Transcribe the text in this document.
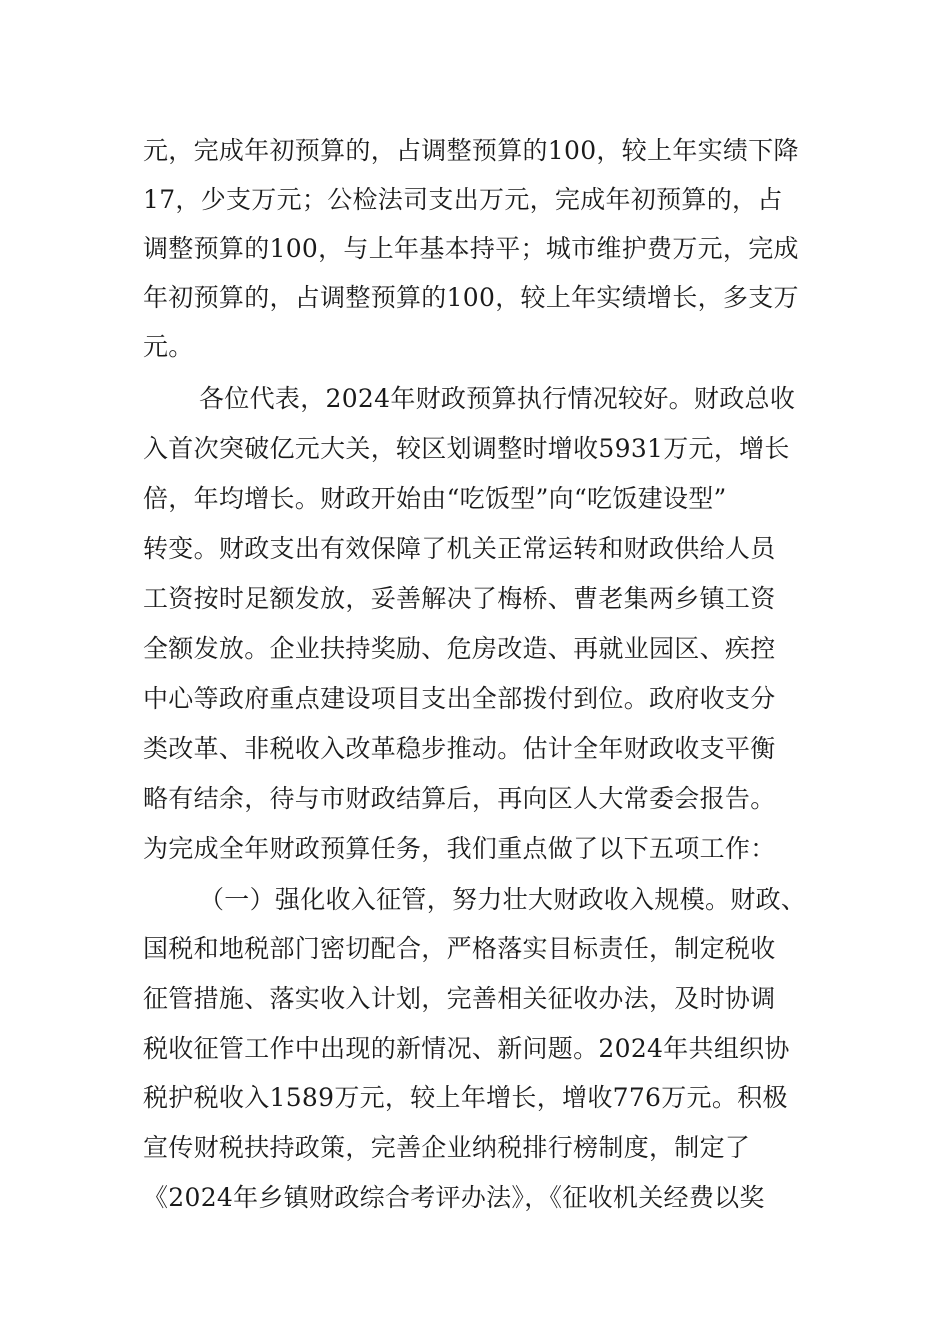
元，完成年初预算的，占调整预算的100，较上年实绩下降
17，少支万元；公检法司支出万元，完成年初预算的，占
调整预算的100，与上年基本持平；城市维护费万元，完成
年初预算的，占调整预算的100，较上年实绩增长，多支万
元。
各位代表，2024年财政预算执行情况较好。财政总收
入首次突破亿元大关，较区划调整时增收5931万元，增长
倍，年均增长。财政开始由“吃饭型”向“吃饭建设型”
转变。财政支出有效保障了机关正常运转和财政供给人员
工资按时足额发放，妥善解决了梅桥、曹老集两乡镇工资
全额发放。企业扶持奖励、危房改造、再就业园区、疾控
中心等政府重点建设项目支出全部拨付到位。政府收支分
类改革、非税收入改革稳步推动。估计全年财政收支平衡
略有结余，待与市财政结算后，再向区人大常委会报告。
为完成全年财政预算任务，我们重点做了以下五项工作：
（一）强化收入征管，努力壮大财政收入规模。财政、
国税和地税部门密切配合，严格落实目标责任，制定税收
征管措施、落实收入计划，完善相关征收办法，及时协调
税收征管工作中出现的新情况、新问题。2024年共组织协
税护税收入1589万元，较上年增长，增收776万元。积极
宣传财税扶持政策，完善企业纳税排行榜制度，制定了
《2024年乡镇财政综合考评办法》，《征收机关经费以奖
